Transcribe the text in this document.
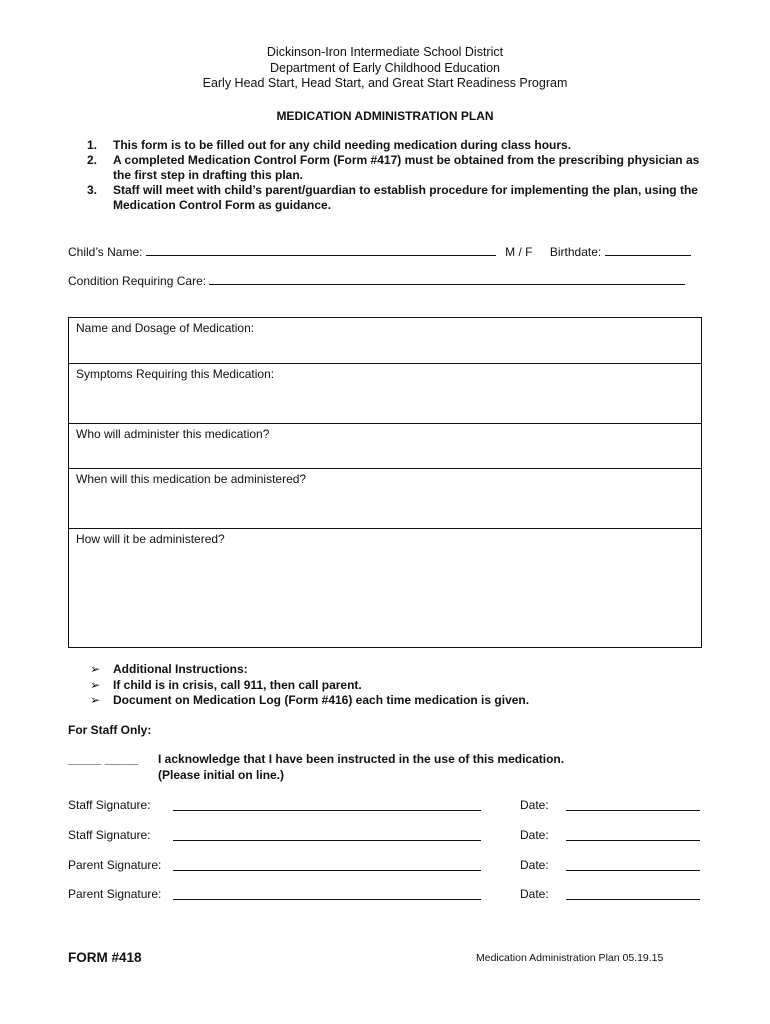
Dickinson-Iron Intermediate School District
Department of Early Childhood Education
Early Head Start, Head Start, and Great Start Readiness Program
MEDICATION ADMINISTRATION PLAN
1. This form is to be filled out for any child needing medication during class hours.
2. A completed Medication Control Form (Form #417) must be obtained from the prescribing physician as the first step in drafting this plan.
3. Staff will meet with child’s parent/guardian to establish procedure for implementing the plan, using the Medication Control Form as guidance.
Child’s Name:	M / F Birthdate:
Condition Requiring Care:
Name and Dosage of Medication:
Symptoms Requiring this Medication:
Who will administer this medication?
When will this medication be administered?
How will it be administered?
➢ Additional Instructions:
➢ If child is in crisis, call 911, then call parent.
➢ Document on Medication Log (Form #416) each time medication is given.
For Staff Only:
_____ _____ I acknowledge that I have been instructed in the use of this medication.
(Please initial on line.)
Staff Signature:	Date:
Staff Signature:	Date:
Parent Signature:	Date:
Parent Signature:	Date:
FORM #418	Medication Administration Plan 05.19.15
